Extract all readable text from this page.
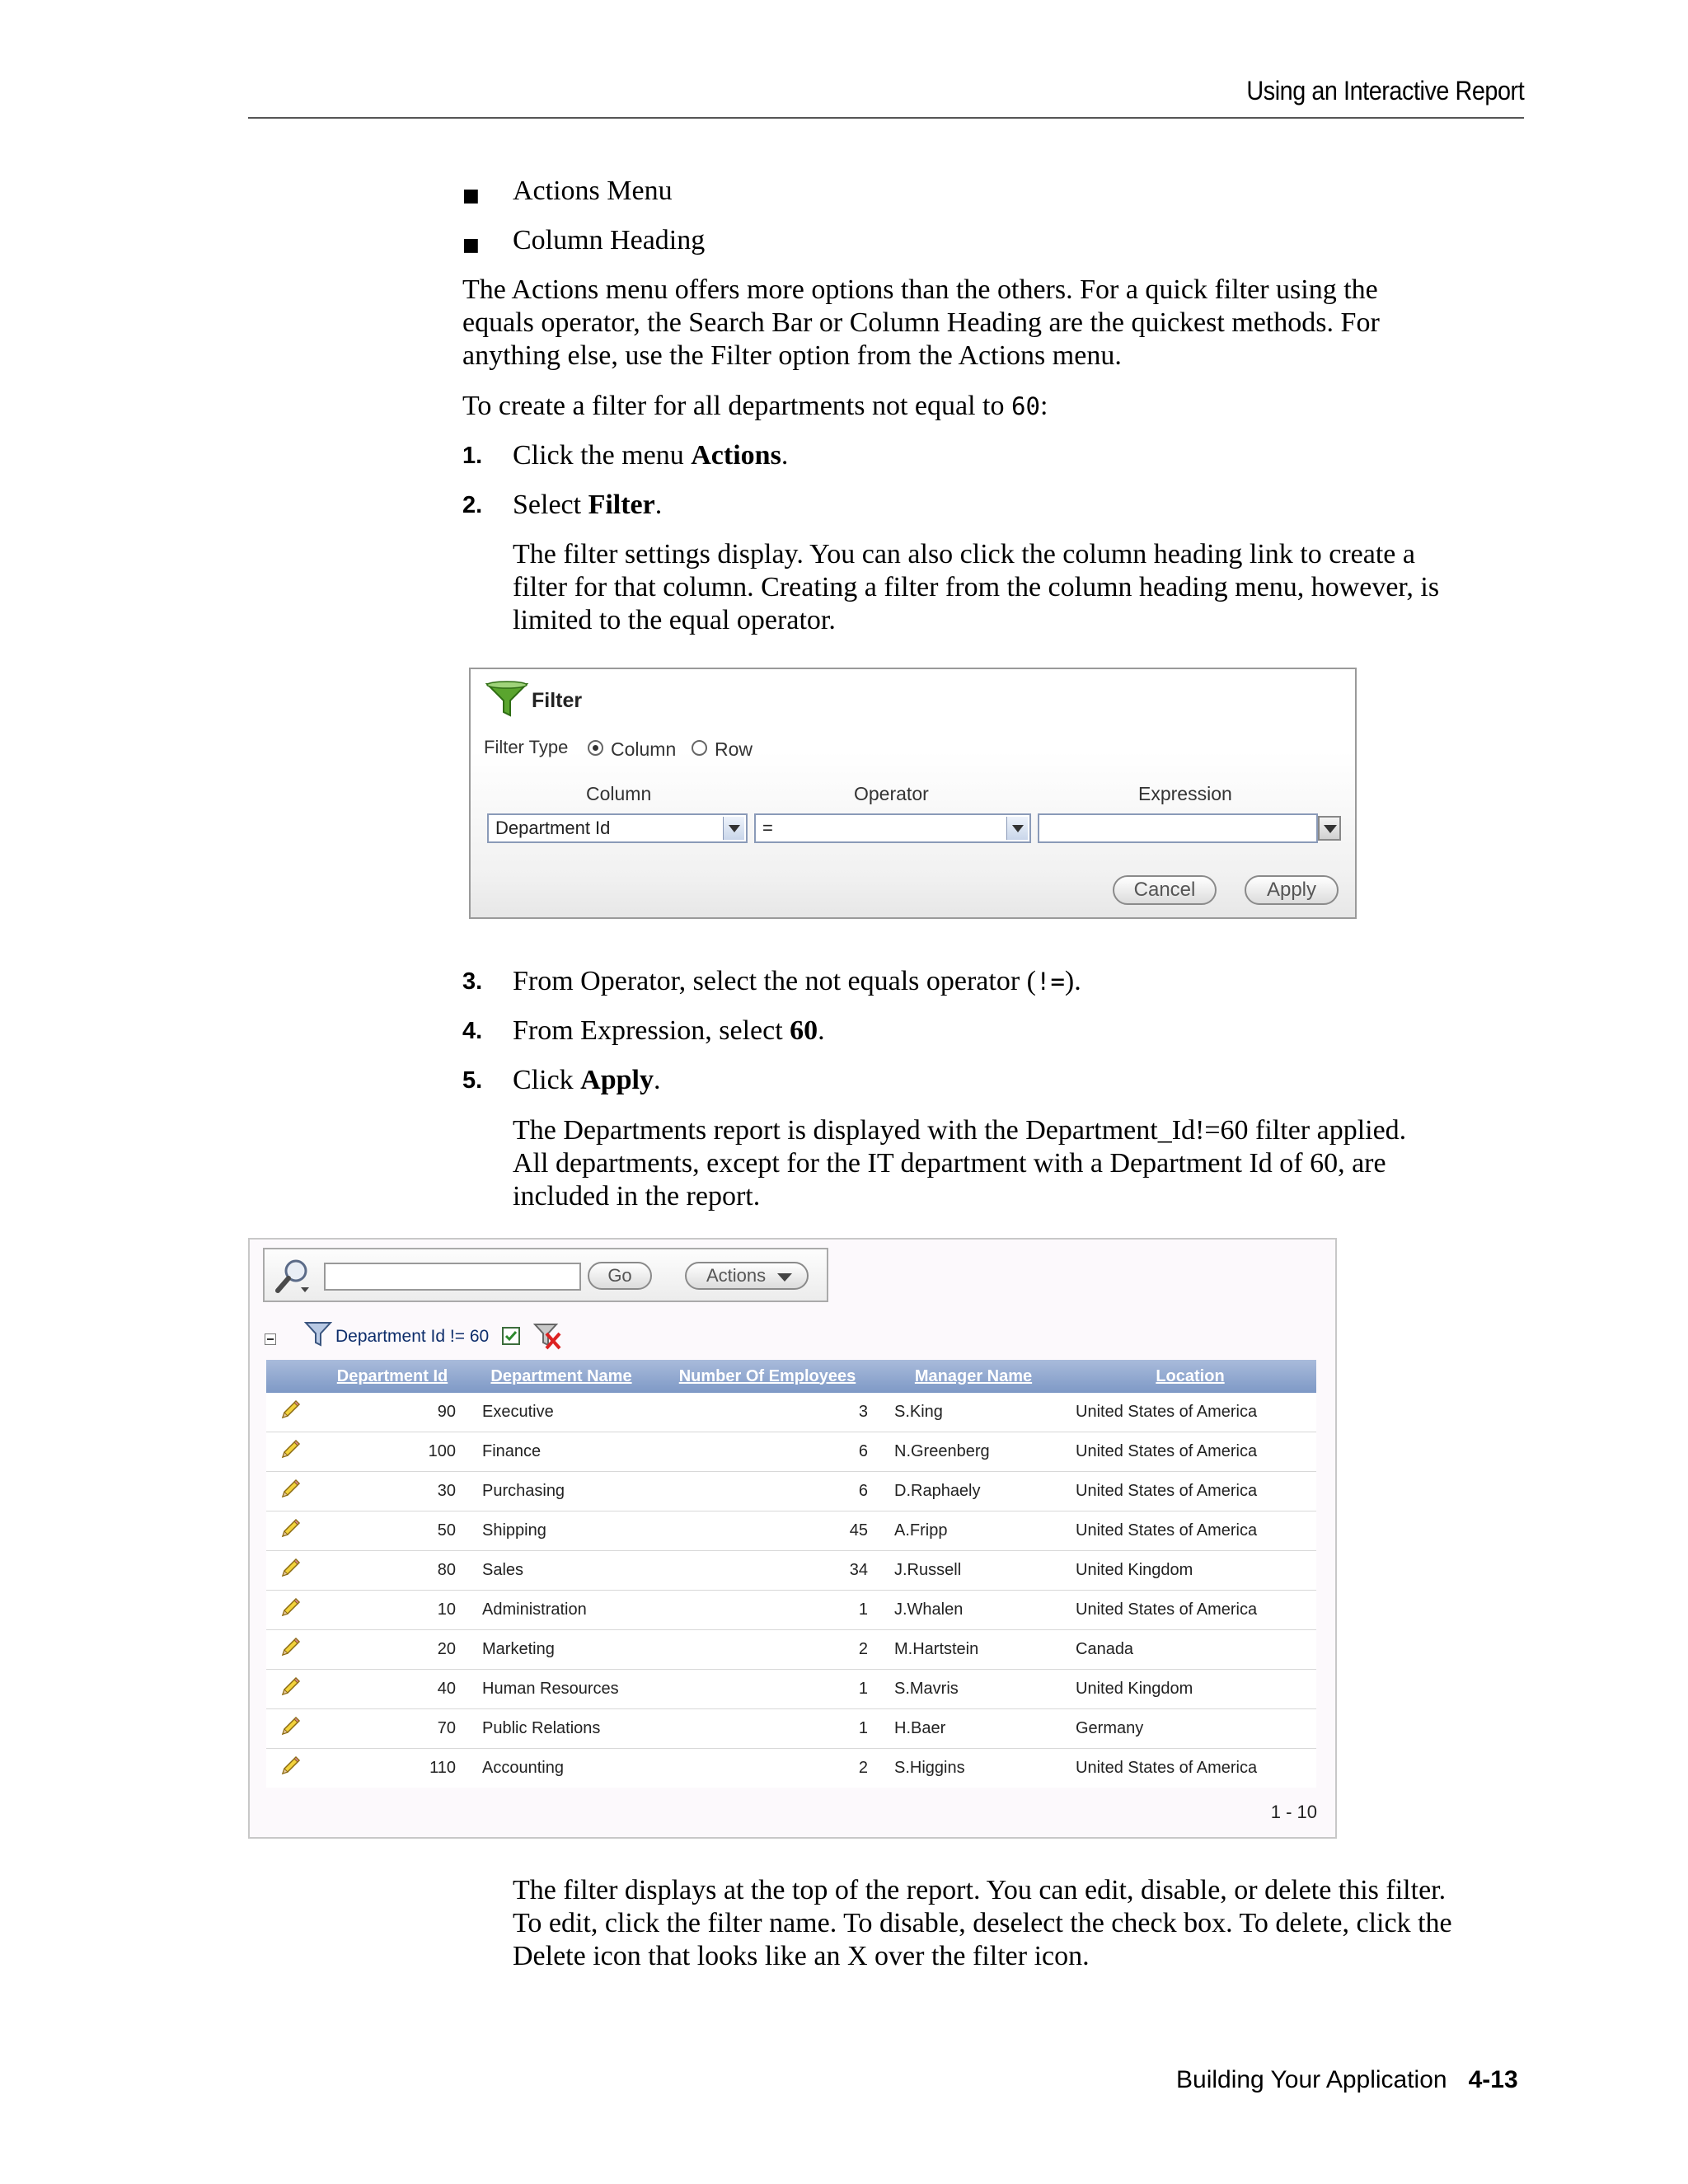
Using an Interactive Report
■ Actions Menu
■ Column Heading
The Actions menu offers more options than the others. For a quick filter using the
equals operator, the Search Bar or Column Heading are the quickest methods. For
anything else, use the Filter option from the Actions menu.
To create a filter for all departments not equal to 60:
1. Click the menu Actions.
2. Select Filter.
The filter settings display. You can also click the column heading link to create a
filter for that column. Creating a filter from the column heading menu, however, is
limited to the equal operator.
Filter
Filter Type Column Row
Column	Operator	Expression
Department Id	=
Cancel	Apply
3. From Operator, select the not equals operator (!=).
4. From Expression, select 60.
5. Click Apply.
The Departments report is displayed with the Department_Id!=60 filter applied.
All departments, except for the IT department with a Department Id of 60, are
included in the report.
Go	Actions
Department Id != 60
	Department Id	Department Name	Number Of Employees	Manager Name	Location
	90	Executive	3	S.King	United States of America
	100	Finance	6	N.Greenberg	United States of America
	30	Purchasing	6	D.Raphaely	United States of America
	50	Shipping	45	A.Fripp	United States of America
	80	Sales	34	J.Russell	United Kingdom
	10	Administration	1	J.Whalen	United States of America
	20	Marketing	2	M.Hartstein	Canada
	40	Human Resources	1	S.Mavris	United Kingdom
	70	Public Relations	1	H.Baer	Germany
	110	Accounting	2	S.Higgins	United States of America
1 - 10
The filter displays at the top of the report. You can edit, disable, or delete this filter.
To edit, click the filter name. To disable, deselect the check box. To delete, click the
Delete icon that looks like an X over the filter icon.
Building Your Application 4-13
